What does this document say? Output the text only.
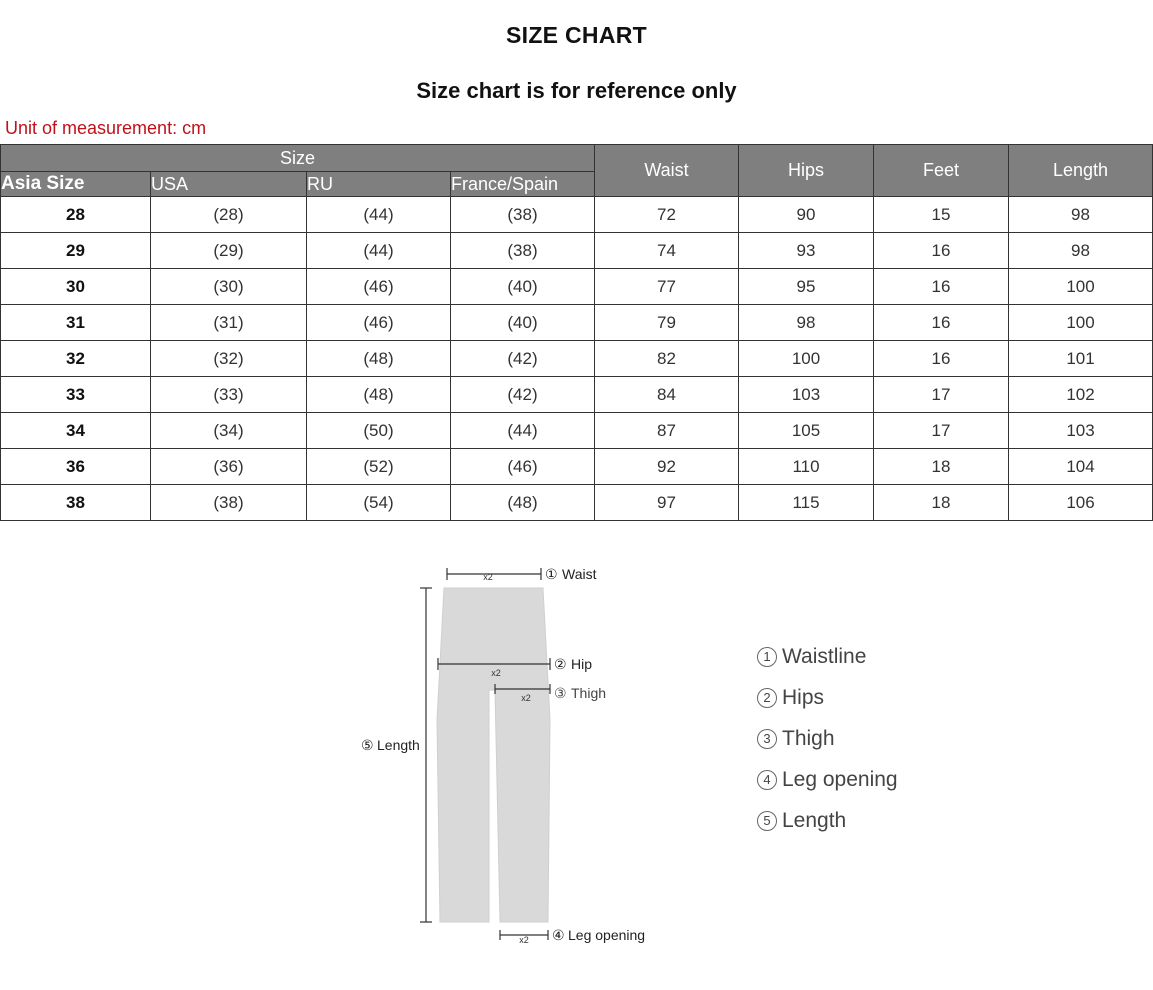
SIZE CHART
Size chart is for reference only
Unit of measurement: cm
Size				Waist	Hips	Feet	Length
Asia Size	USA	RU	France/Spain				
28	(28)	(44)	(38)	72	90	15	98
29	(29)	(44)	(38)	74	93	16	98
30	(30)	(46)	(40)	77	95	16	100
31	(31)	(46)	(40)	79	98	16	100
32	(32)	(48)	(42)	82	100	16	101
33	(33)	(48)	(42)	84	103	17	102
34	(34)	(50)	(44)	87	105	17	103
36	(36)	(52)	(46)	92	110	18	104
38	(38)	(54)	(48)	97	115	18	106
x2	① Waist
x2	② Hip
x2 ③ Thigh
⑤ Length
x2 ④ Leg opening
1 Waistline
2 Hips
3 Thigh
4 Leg opening
5 Length
